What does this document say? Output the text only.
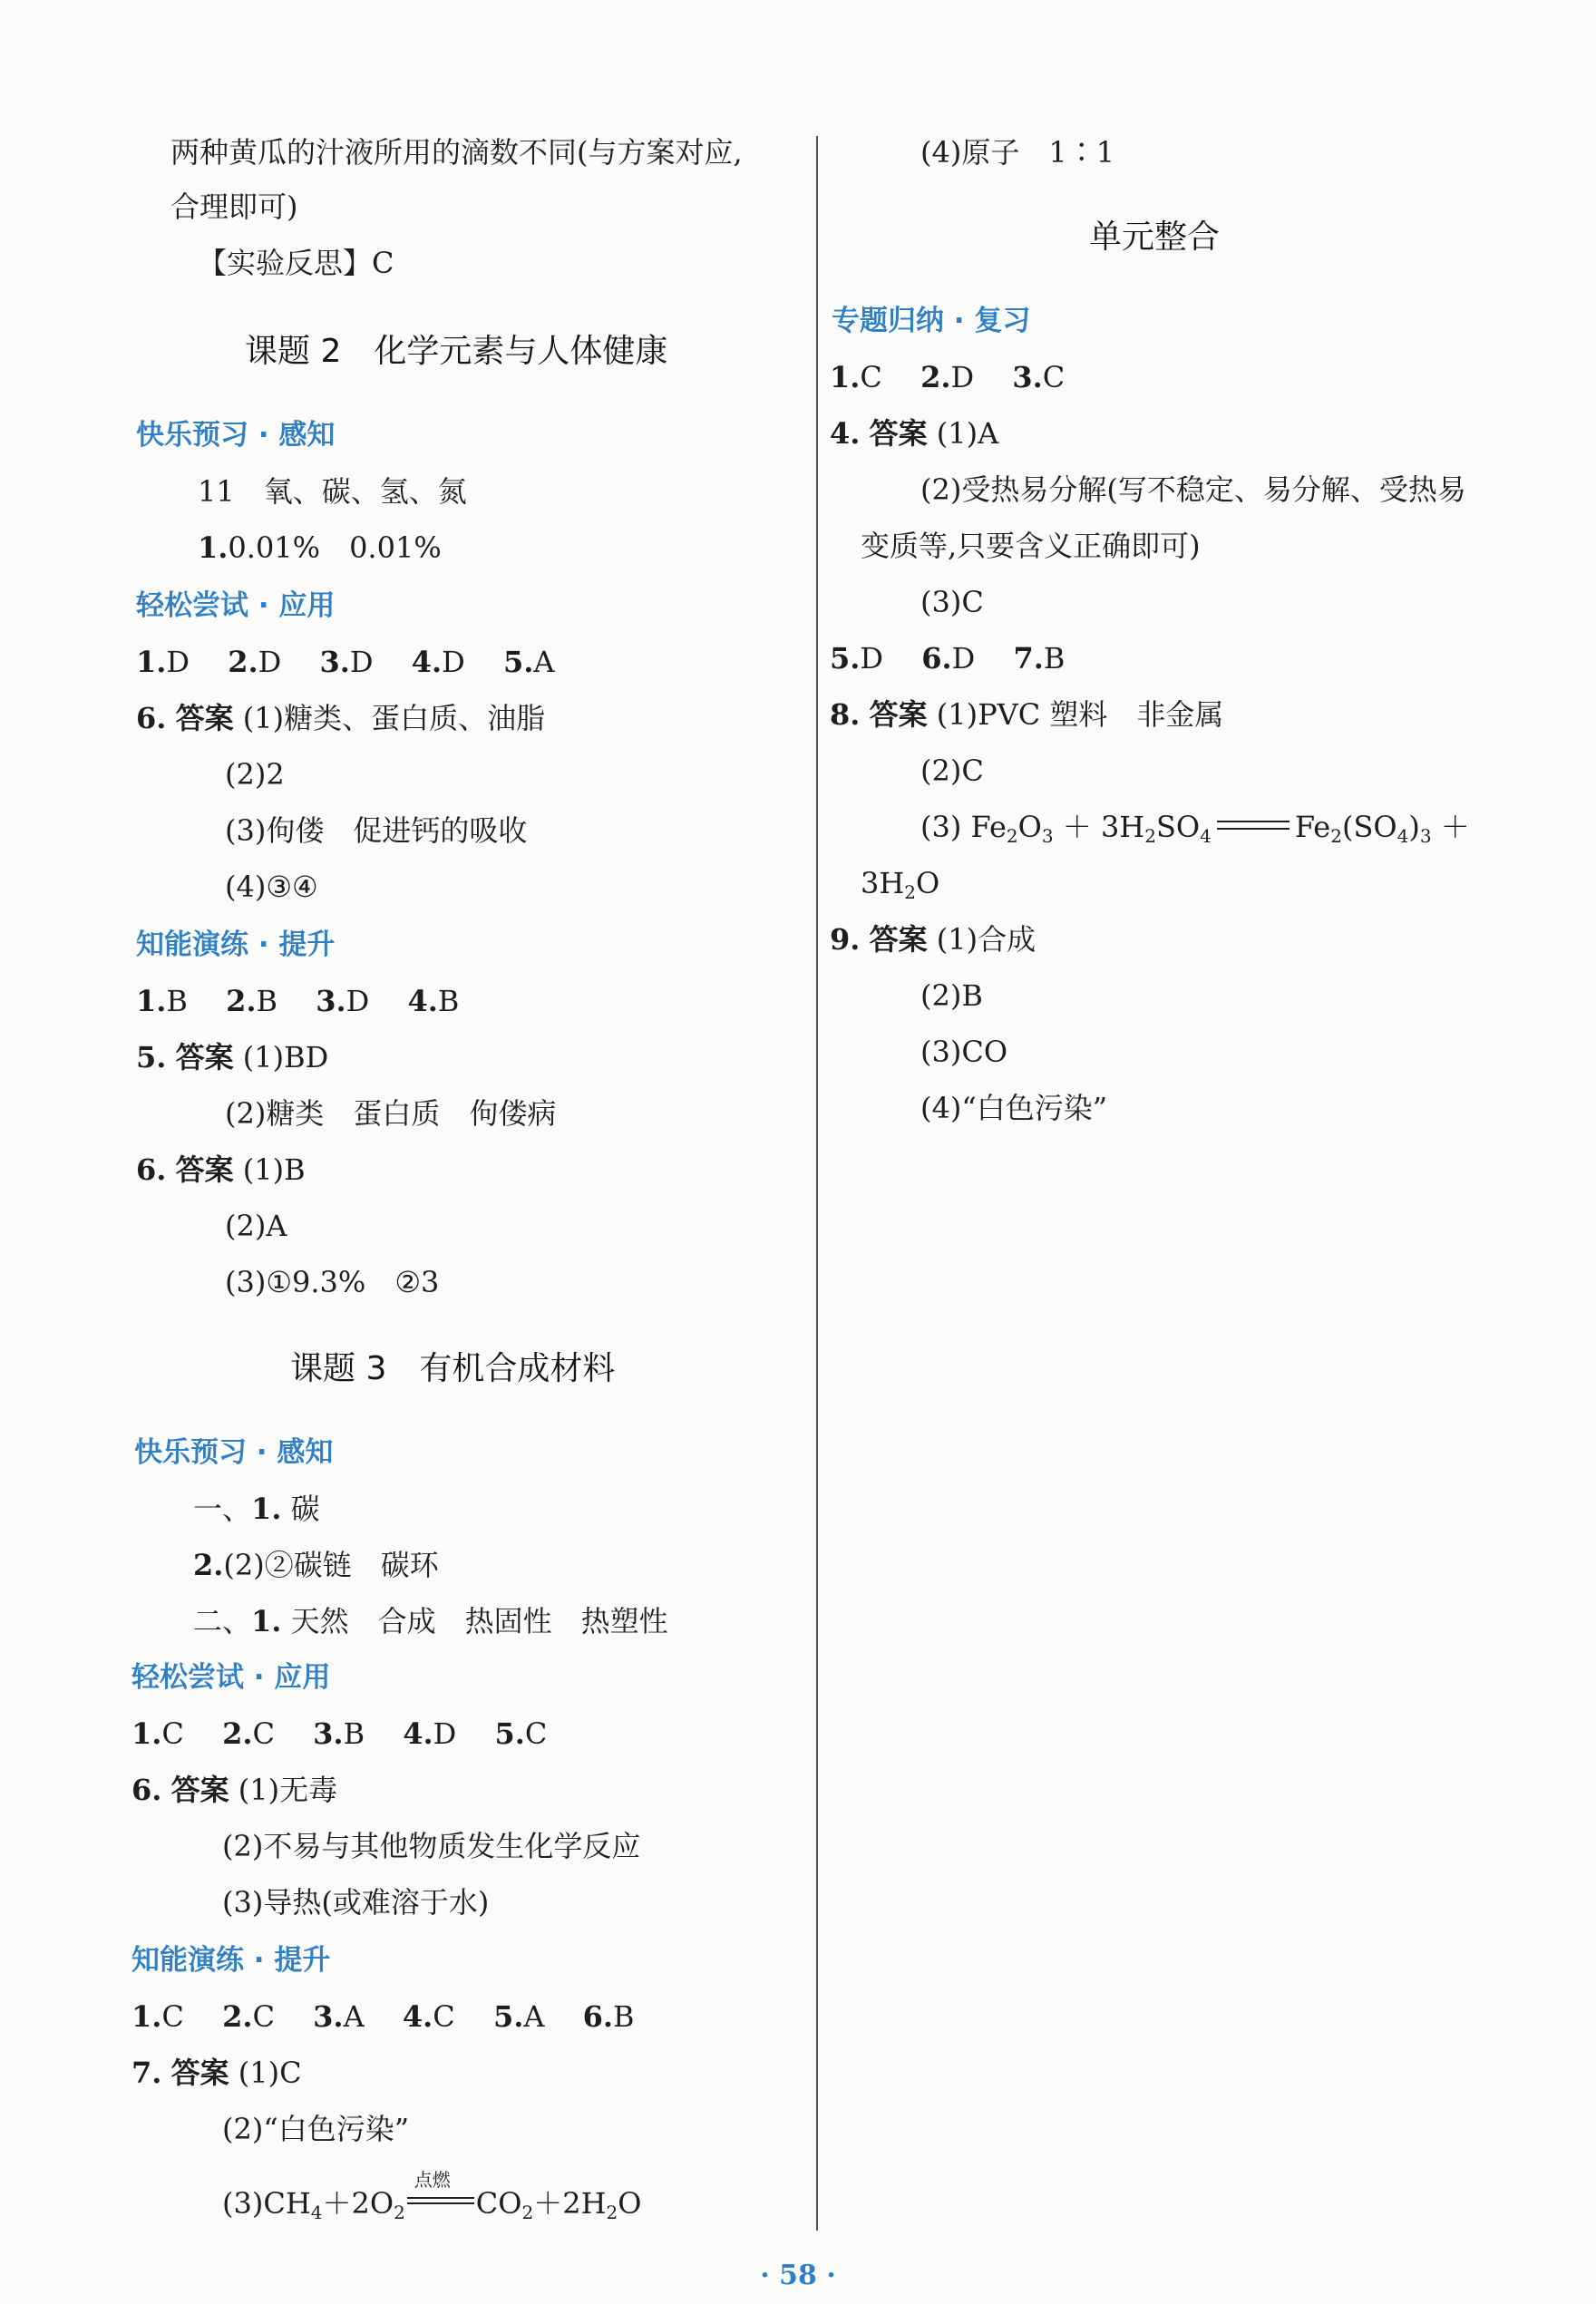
两种黄瓜的汁液所用的滴数不同(与方案对应,
合理即可)
【实验反思】C
课题 2　化学元素与人体健康
快乐预习 · 感知
11　氧、碳、氢、氮
1.0.01%　0.01%
轻松尝试 · 应用
1.D　 2.D　 3.D　 4.D　 5.A
6. 答案 (1)糖类、蛋白质、油脂
(2)2
(3)佝偻　促进钙的吸收
(4)③④
知能演练 · 提升
1.B　 2.B　 3.D　 4.B
5. 答案 (1)BD
(2)糖类　蛋白质　佝偻病
6. 答案 (1)B
(2)A
(3)①9.3%　②3
课题 3　有机合成材料
快乐预习 · 感知
一、1. 碳
2.(2)②碳链　碳环
二、1. 天然　合成　热固性　热塑性
轻松尝试 · 应用
1.C　 2.C　 3.B　 4.D　 5.C
6. 答案 (1)无毒
(2)不易与其他物质发生化学反应
(3)导热(或难溶于水)
知能演练 · 提升
1.C　 2.C　 3.A　 4.C　 5.A　 6.B
7. 答案 (1)C
(2)“白色污染”
$(3)CH_4+2O_2$
点燃
$CO_2+2H_2O$
(4)原子　1∶1
单元整合
专题归纳 · 复习
1.C　 2.D　 3.C
4. 答案 (1)A
(2)受热易分解(写不稳定、易分解、受热易
变质等,只要含义正确即可)
(3)C
5.D　 6.D　 7.B
8. 答案 (1)PVC 塑料　非金属
(2)C
(3) $Fe_2O_3 + 3H_2SO_4$	$Fe_2(SO_4)_3$ ＋
$3H_2O$
9. 答案 (1)合成
(2)B
(3)CO
(4)“白色污染”
· 58 ·
